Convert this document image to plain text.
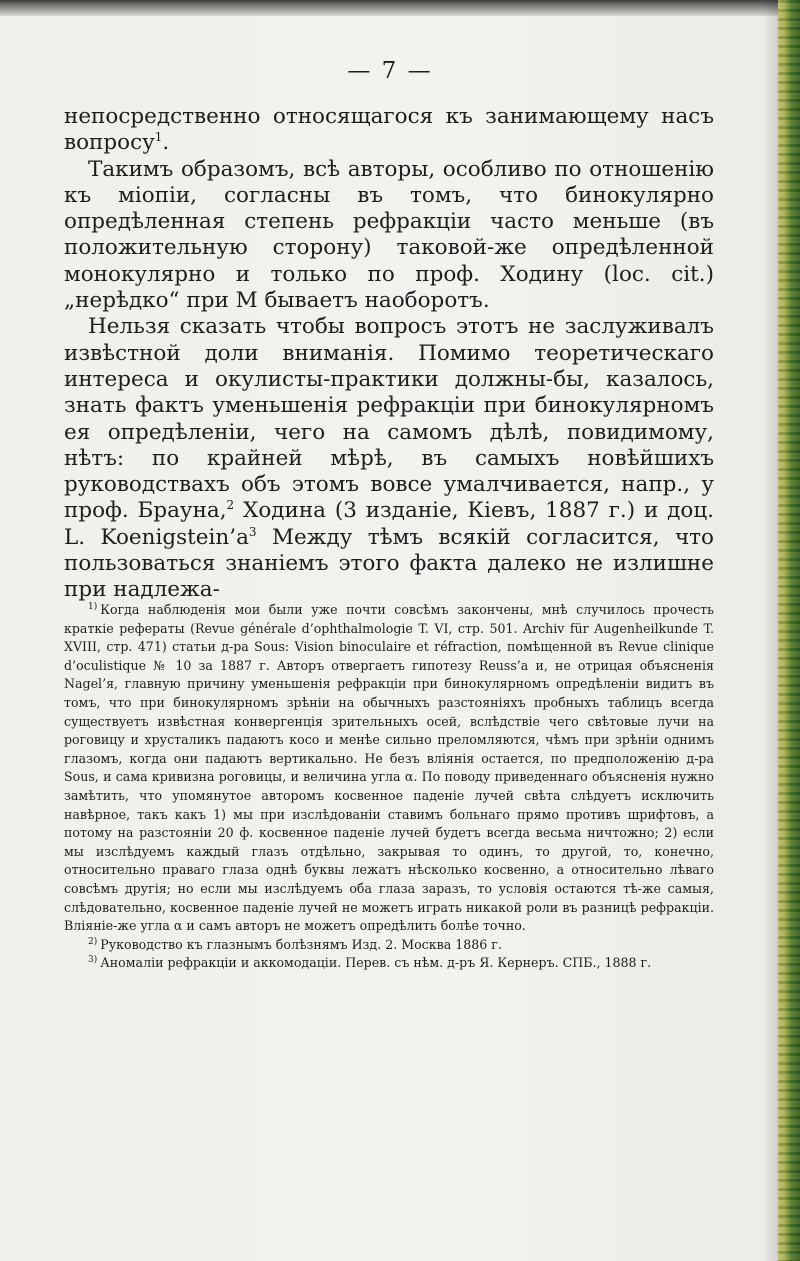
— 7 —

непосредственно относящагося къ занимающему насъ вопросу$^1$.

Такимъ образомъ, всѣ авторы, особливо по отношенію къ міопіи, согласны въ томъ, что бинокулярно опредѣленная степень рефракціи часто меньше (въ положительную сторону) таковой-же опредѣленной монокулярно и только по проф. Ходину (loc. cit.) „нерѣдко“ при M бываетъ наоборотъ.

Нельзя сказать чтобы вопросъ этотъ не заслуживалъ извѣстной доли вниманія. Помимо теоретическаго интереса и окулисты-практики должны-бы, казалось, знать фактъ уменьшенія рефракціи при бинокулярномъ ея опредѣленіи, чего на самомъ дѣлѣ, повидимому, нѣтъ: по крайней мѣрѣ, въ самыхъ новѣйшихъ руководствахъ объ этомъ вовсе умалчивается, напр., у проф. Брауна,$^2$ Ходина (3 изданіе, Кіевъ, 1887 г.) и доц. L. $Koenigstein’a^3$ Между тѣмъ всякій согласится, что пользоваться знаніемъ этого факта далеко не излишне при надлежа-

$^{1)}$ Когда наблюденія мои были уже почти совсѣмъ закончены, мнѣ случилось прочесть краткіе рефераты (Revue générale d’ophthalmologie T. VI, стр. 501. Archiv für Augenheilkunde T. XVIII, стр. 471) статьи д-ра Sous: Vision binoculaire et réfraction, помѣщенной въ Revue clinique d’oculistique № 10 за 1887 г. Авторъ отвергаетъ гипотезу Reuss’a и, не отрицая объясненія Nagel’я, главную причину уменьшенія рефракціи при бинокулярномъ опредѣленіи видитъ въ томъ, что при бинокулярномъ зрѣніи на обычныхъ разстояніяхъ пробныхъ таблицъ всегда существуетъ извѣстная конвергенція зрительныхъ осей, вслѣдствіе чего свѣтовые лучи на роговицу и хрусталикъ падаютъ косо и менѣе сильно преломляются, чѣмъ при зрѣніи однимъ глазомъ, когда они падаютъ вертикально. Не безъ вліянія остается, по предположенію д-ра Sous, и сама кривизна роговицы, и величина угла α. По поводу приведеннаго объясненія нужно замѣтить, что упомянутое авторомъ косвенное паденіе лучей свѣта слѣдуетъ исключить навѣрное, такъ какъ 1) мы при изслѣдованіи ставимъ больнаго прямо противъ шрифтовъ, а потому на разстояніи 20 ф. косвенное паденіе лучей будетъ всегда весьма ничтожно; 2) если мы изслѣдуемъ каждый глазъ отдѣльно, закрывая то одинъ, то другой, то, конечно, относительно праваго глаза однѣ буквы лежатъ нѣсколько косвенно, а относительно лѣваго совсѣмъ другія; но если мы изслѣдуемъ оба глаза заразъ, то условія остаются тѣ-же самыя, слѣдовательно, косвенное паденіе лучей не можетъ играть никакой роли въ разницѣ рефракціи. Вліяніе-же угла α и самъ авторъ не можетъ опредѣлить болѣе точно.

$^{2)}$ Руководство къ глазнымъ болѣзнямъ Изд. 2. Москва 1886 г.

$^{3)}$ Аномаліи рефракціи и аккомодаціи. Перев. съ нѣм. д-ръ Я. Кернеръ. СПБ., 1888 г.
